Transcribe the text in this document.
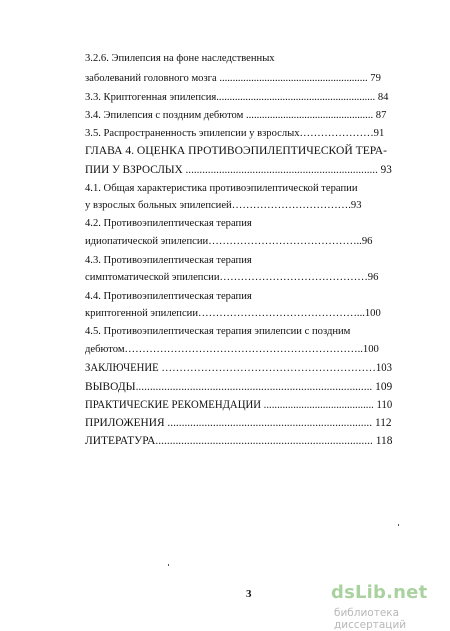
3.2.6. Эпилепсия на фоне наследственных
заболеваний головного мозга ........................................................ 79
3.3. Криптогенная эпилепсия............................................................ 84
3.4. Эпилепсия с поздним дебютом ................................................ 87
3.5. Распространенность эпилепсии у взрослых…………………91
ГЛАВА 4. ОЦЕНКА ПРОТИВОЭПИЛЕПТИЧЕСКОЙ ТЕРА-
ПИИ У ВЗРОСЛЫХ ..................................................................... 93
4.1. Общая характеристика противоэпилептической терапии
у взрослых больных эпилепсией…………………………….93
4.2. Противоэпилептическая терапия
идиопатической эпилепсии……………………………………..96
4.3. Противоэпилептическая терапия
симптоматической эпилепсии……………………………………96
4.4. Противоэпилептическая терапия
криптогенной эпилепсии………………………………………...100
4.5. Противоэпилептическая терапия эпилепсии с поздним
дебютом…………………………………………………………..100
ЗАКЛЮЧЕНИЕ ……………………………………………………103
ВЫВОДЫ................................................................................... 109
ПРАКТИЧЕСКИЕ РЕКОМЕНДАЦИИ ......................................... 110
ПРИЛОЖЕНИЯ ........................................................................ 112
ЛИТЕРАТУРА............................................................................ 118
3	dsLib.net
библиотека диссертаций
